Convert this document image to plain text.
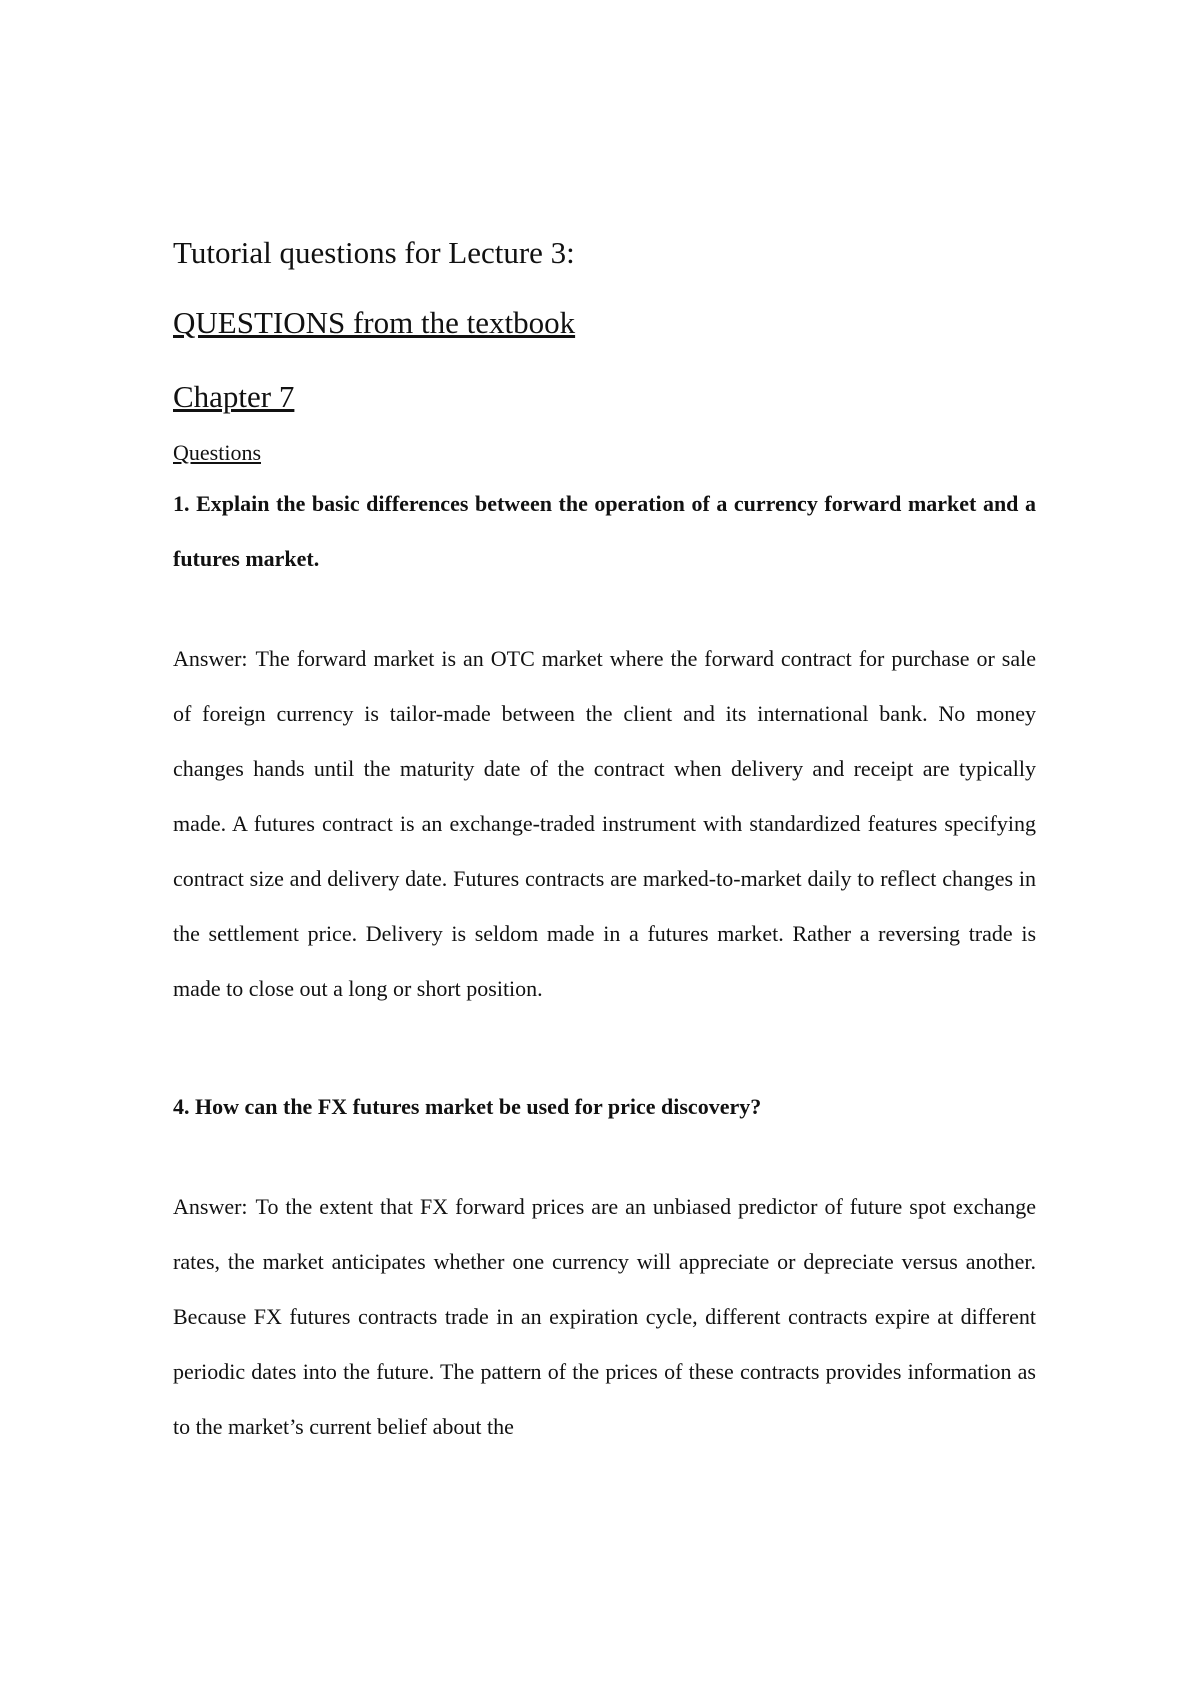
Tutorial questions for Lecture 3:
QUESTIONS from the textbook
Chapter 7
Questions

1. Explain the basic differences between the operation of a currency forward market and a futures market.

Answer: The forward market is an OTC market where the forward contract for purchase or sale of foreign currency is tailor-made between the client and its international bank. No money changes hands until the maturity date of the contract when delivery and receipt are typically made. A futures contract is an exchange-traded instrument with standardized features specifying contract size and delivery date. Futures contracts are marked-to-market daily to reflect changes in the settlement price. Delivery is seldom made in a futures market. Rather a reversing trade is made to close out a long or short position.

4. How can the FX futures market be used for price discovery?

Answer: To the extent that FX forward prices are an unbiased predictor of future spot exchange rates, the market anticipates whether one currency will appreciate or depreciate versus another. Because FX futures contracts trade in an expiration cycle, different contracts expire at different periodic dates into the future. The pattern of the prices of these contracts provides information as to the market’s current belief about the
